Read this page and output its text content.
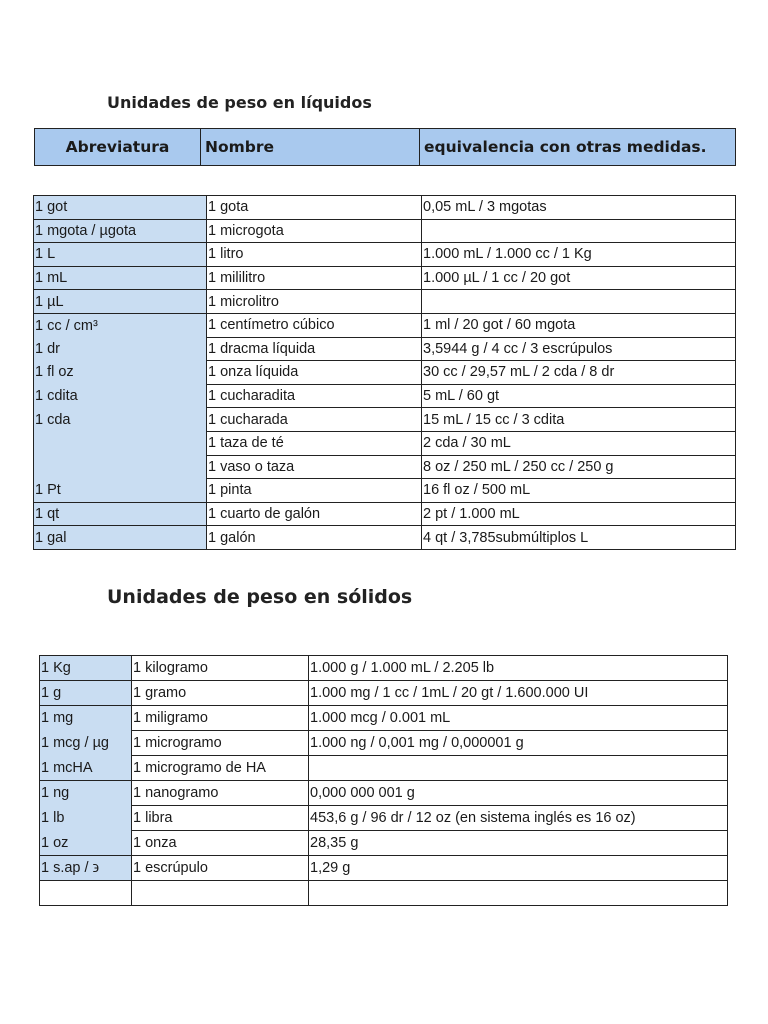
Unidades de peso en líquidos
Abreviatura	Nombre	equivalencia con otras medidas.
1 got	1 gota	0,05 mL / 3 mgotas
1 mgota / µgota	1 microgota	
1 L	1 litro	1.000 mL / 1.000 cc / 1 Kg
1 mL	1 mililitro	1.000 µL / 1 cc / 20 got
1 µL	1 microlitro	
1 cc / cm³	1 centímetro cúbico	1 ml / 20 got / 60 mgota
1 dr	1 dracma líquida	3,5944 g / 4 cc / 3 escrúpulos
1 fl oz	1 onza líquida	30 cc / 29,57 mL / 2 cda / 8 dr
1 cdita	1 cucharadita	5 mL / 60 gt
1 cda	1 cucharada	15 mL / 15 cc / 3 cdita
	1 taza de té	2 cda / 30 mL
	1 vaso o taza	8 oz / 250 mL / 250 cc / 250 g
1 Pt	1 pinta	16 fl oz / 500 mL
1 qt	1 cuarto de galón	2 pt / 1.000 mL
1 gal	1 galón	4 qt / 3,785submúltiplos L
Unidades de peso en sólidos
1 Kg	1 kilogramo	1.000 g / 1.000 mL / 2.205 lb
1 g	1 gramo	1.000 mg / 1 cc / 1mL / 20 gt / 1.600.000 UI
1 mg	1 miligramo	1.000 mcg / 0.001 mL
1 mcg / µg	1 microgramo	1.000 ng / 0,001 mg / 0,000001 g
1 mcHA	1 microgramo de HA	
1 ng	1 nanogramo	0,000 000 001 g
1 lb	1 libra	453,6 g / 96 dr / 12 oz (en sistema inglés es 16 oz)
1 oz	1 onza	28,35 g
1 s.ap / ϶	1 escrúpulo	1,29 g
